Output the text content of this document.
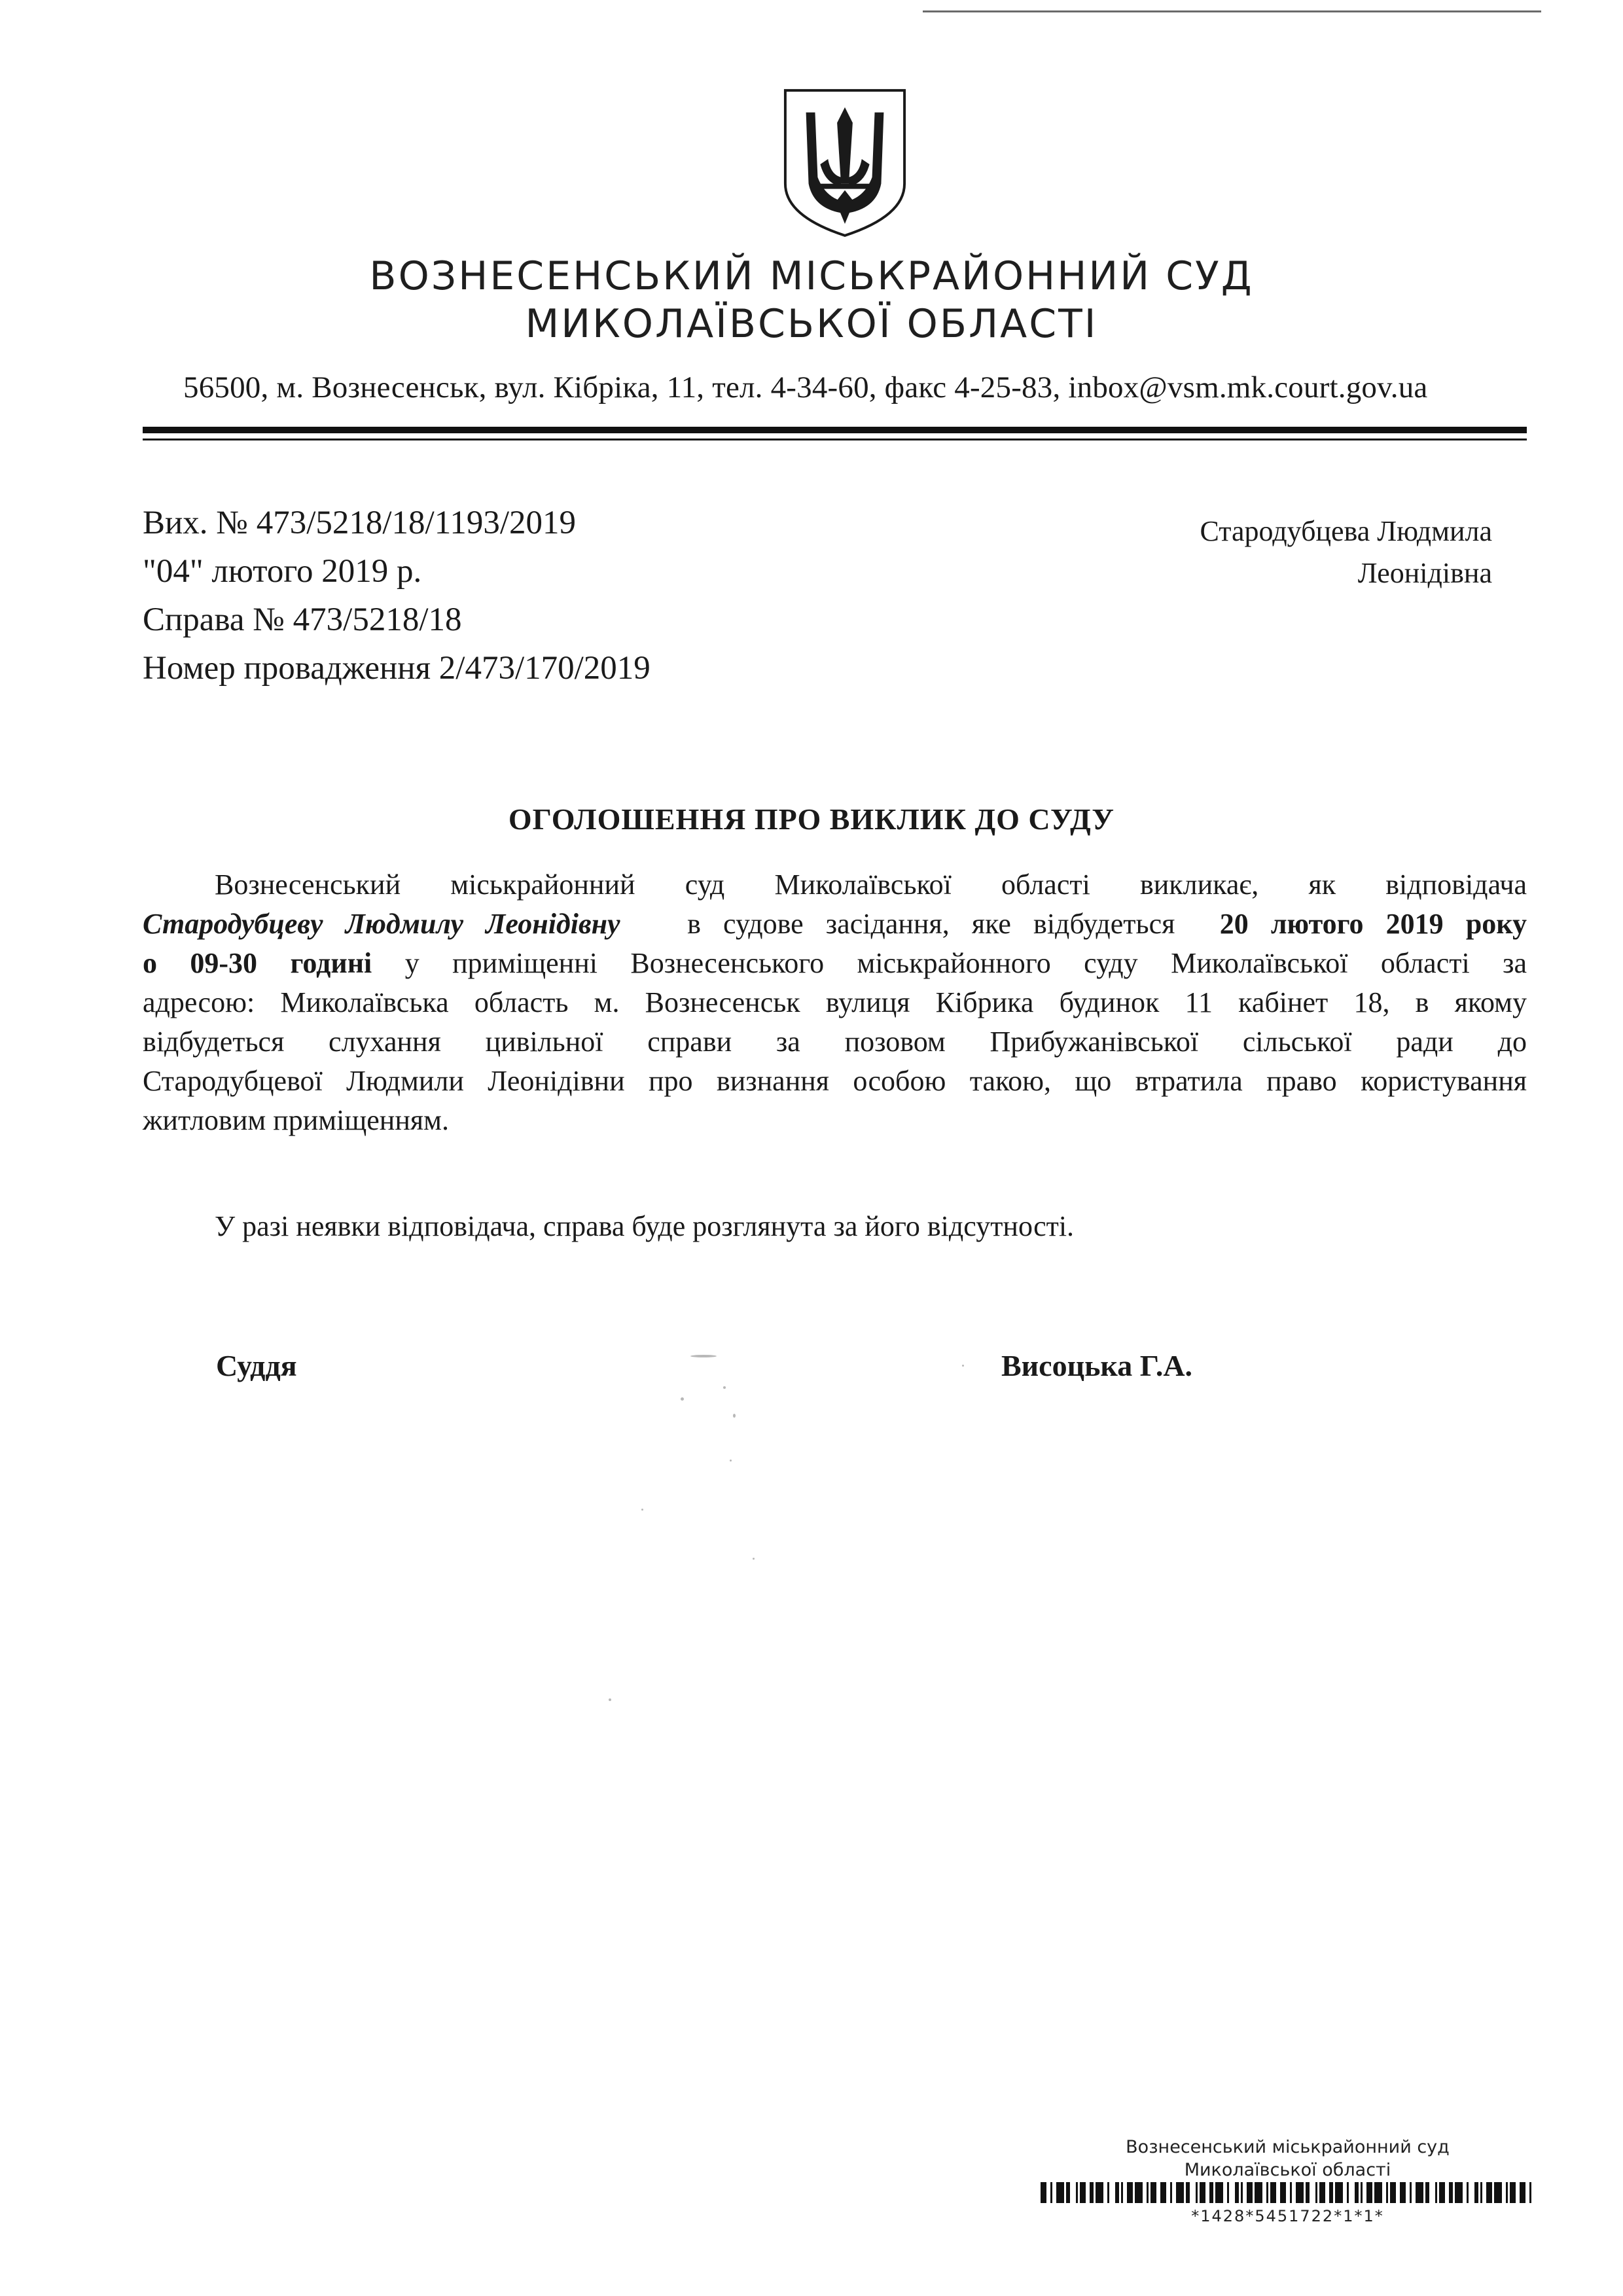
ВОЗНЕСЕНСЬКИЙ МІСЬКРАЙОННИЙ СУД
МИКОЛАЇВСЬКОЇ ОБЛАСТІ
56500, м. Вознесенськ, вул. Кібріка, 11, тел. 4-34-60, факс 4-25-83, inbox@vsm.mk.court.gov.ua
Вих. № 473/5218/18/1193/2019
"04" лютого 2019 р.
Справа № 473/5218/18
Номер провадження 2/473/170/2019
Стародубцева Людмила
Леонідівна
ОГОЛОШЕННЯ ПРО ВИКЛИК ДО СУДУ

Вознесенський міськрайонний суд Миколаївської області викликає, як відповідача

Стародубцеву Людмилу Леонідівну в судове засідання, яке відбудеться 20 лютого 2019 року

о 09-30 годині у приміщенні Вознесенського міськрайонного суду Миколаївської області за

адресою: Миколаївська область м. Вознесенськ вулиця Кібрика будинок 11 кабінет 18, в якому

відбудеться слухання цивільної справи за позовом Прибужанівської сільської ради до

Стародубцевої Людмили Леонідівни про визнання особою такою, що втратила право користування

житловим приміщенням.

У разі неявки відповідача, справа буде розглянута за його відсутності.
Суддя	Висоцька Г.А.
Вознесенський міськрайонний суд
Миколаївської області
*1428*5451722*1*1*
